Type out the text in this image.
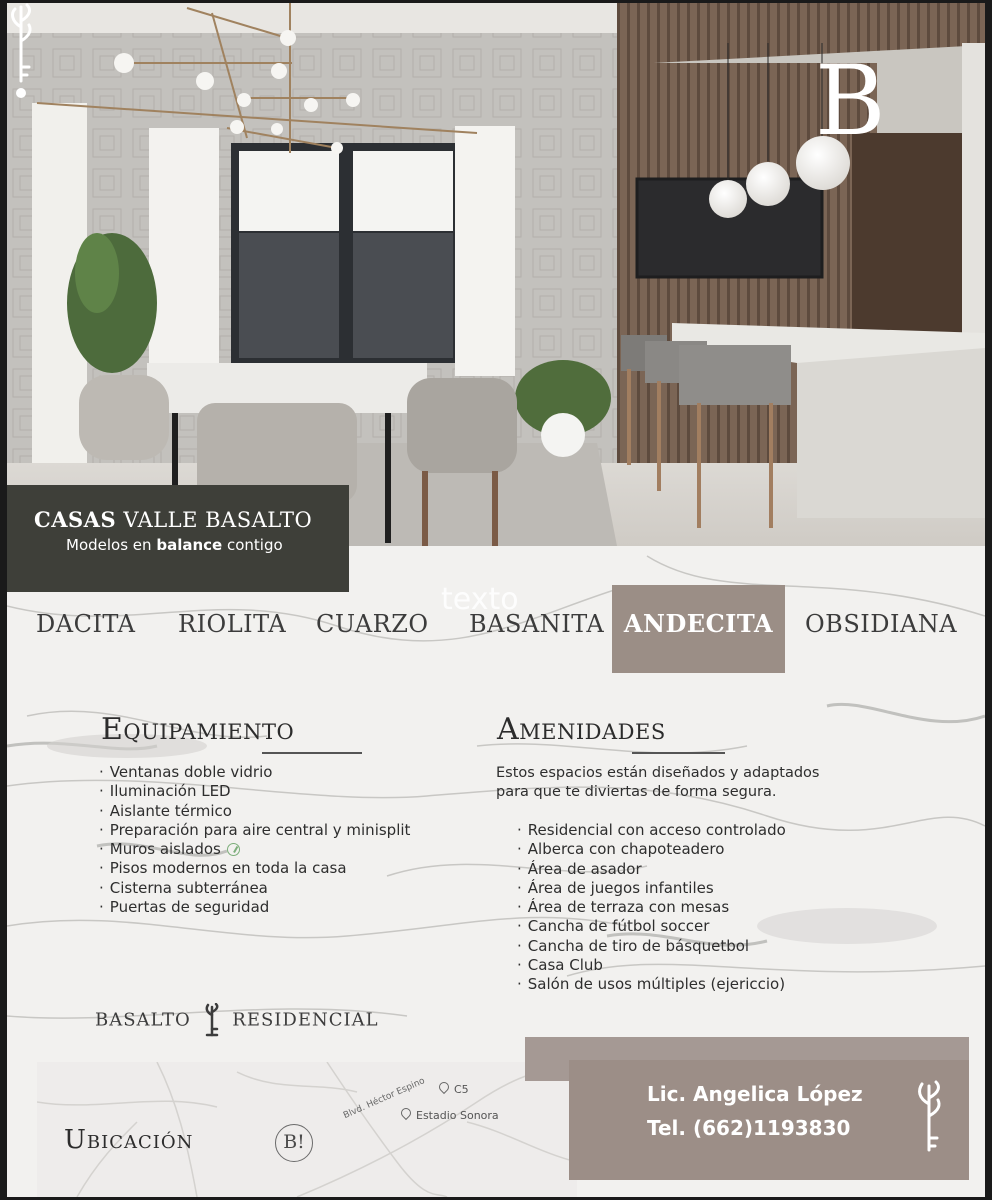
B
texto
CASAS VALLE BASALTO
Modelos en balance contigo
DACITA RIOLITA CUARZO BASANITA ANDECITA	OBSIDIANA
Equipamiento
· Ventanas doble vidrio
· Iluminación LED
· Aislante térmico
· Preparación para aire central y minisplit
· Muros aislados
· Pisos modernos en toda la casa
· Cisterna subterránea
· Puertas de seguridad
Amenidades
Estos espacios están diseñados y adaptados para que te diviertas de forma segura.
· Residencial con acceso controlado
· Alberca con chapoteadero
· Área de asador
· Área de juegos infantiles
· Área de terraza con mesas
· Cancha de fútbol soccer
· Cancha de tiro de básquetbol
· Casa Club
· Salón de usos múltiples (ejericcio)
BASALTO RESIDENCIAL
Ubicación	B!
Blvd. Héctor Espino	C5
Estadio Sonora
Lic. Angelica López
Tel. (662)1193830
